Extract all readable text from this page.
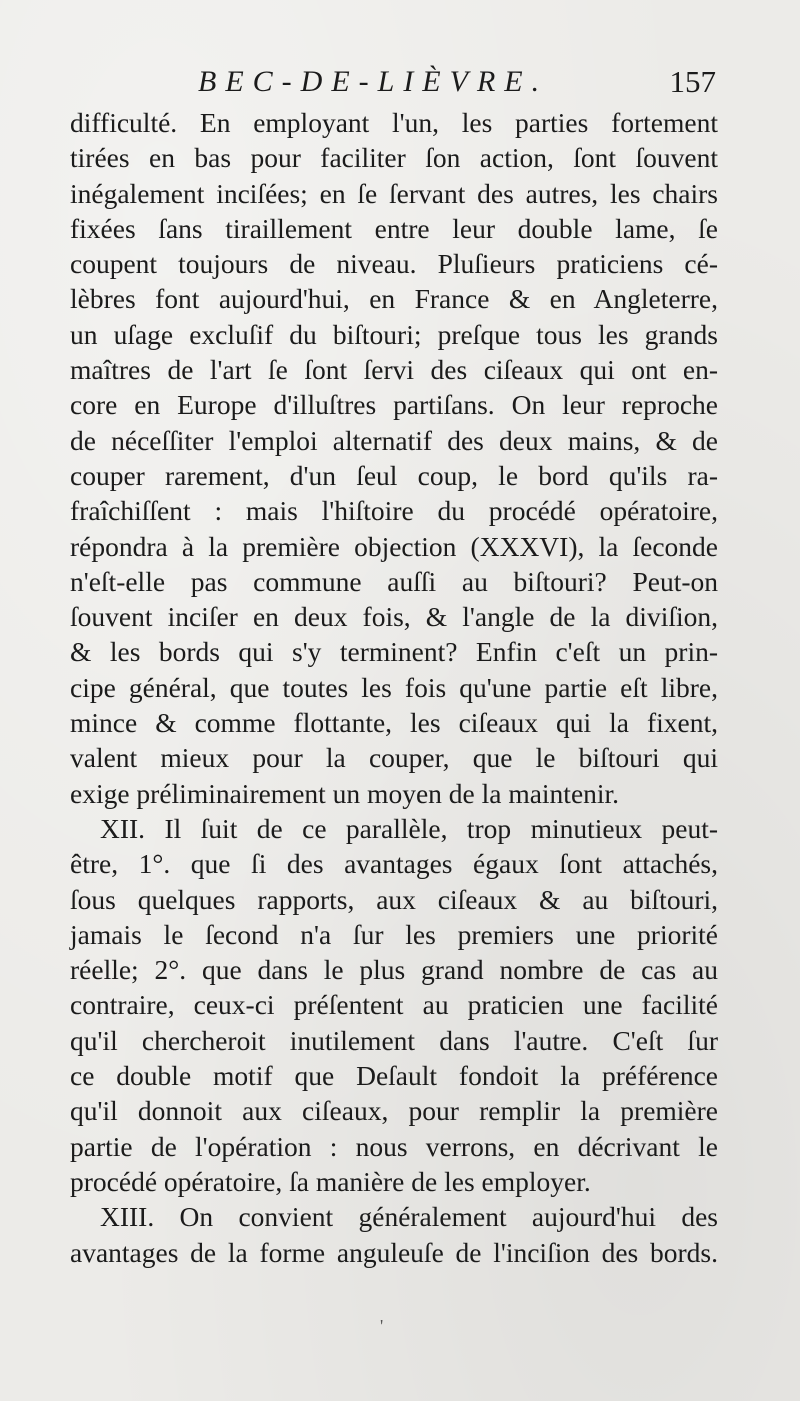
BEC-DE-LIÈVRE.	157
difficulté. En employant l'un, les parties fortement
tirées en bas pour faciliter ſon action, ſont ſouvent
inégalement inciſées; en ſe ſervant des autres, les chairs
fixées ſans tiraillement entre leur double lame, ſe
coupent toujours de niveau. Pluſieurs praticiens cé-
lèbres font aujourd'hui, en France & en Angleterre,
un uſage excluſif du biſtouri; preſque tous les grands
maîtres de l'art ſe ſont ſervi des ciſeaux qui ont en-
core en Europe d'illuſtres partiſans. On leur reproche
de néceſſiter l'emploi alternatif des deux mains, & de
couper rarement, d'un ſeul coup, le bord qu'ils ra-
fraîchiſſent : mais l'hiſtoire du procédé opératoire,
répondra à la première objection (XXXVI), la ſeconde
n'eſt-elle pas commune auſſi au biſtouri? Peut-on
ſouvent inciſer en deux fois, & l'angle de la diviſion,
& les bords qui s'y terminent? Enfin c'eſt un prin-
cipe général, que toutes les fois qu'une partie eſt libre,
mince & comme flottante, les ciſeaux qui la fixent,
valent mieux pour la couper, que le biſtouri qui
exige préliminairement un moyen de la maintenir.
XII. Il ſuit de ce parallèle, trop minutieux peut-
être, 1°. que ſi des avantages égaux ſont attachés,
ſous quelques rapports, aux ciſeaux & au biſtouri,
jamais le ſecond n'a ſur les premiers une priorité
réelle; 2°. que dans le plus grand nombre de cas au
contraire, ceux-ci préſentent au praticien une facilité
qu'il chercheroit inutilement dans l'autre. C'eſt ſur
ce double motif que Deſault fondoit la préférence
qu'il donnoit aux ciſeaux, pour remplir la première
partie de l'opération : nous verrons, en décrivant le
procédé opératoire, ſa manière de les employer.
XIII. On convient généralement aujourd'hui des
avantages de la forme anguleuſe de l'inciſion des bords.
'
